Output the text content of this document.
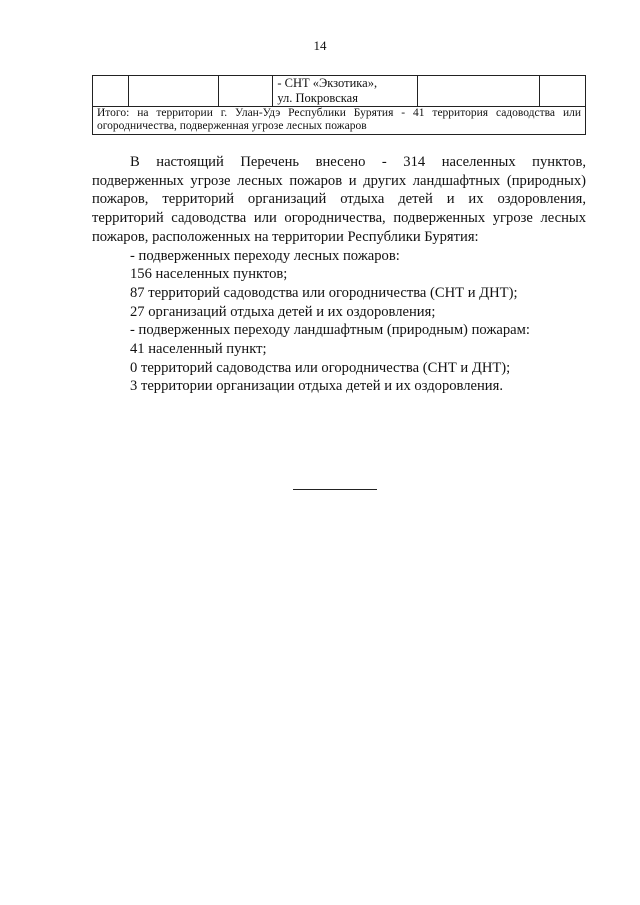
14

- СНТ «Экзотика»,
ул. Покровская

Итого: на территории г. Улан-Удэ Республики Бурятия - 41 территория садоводства или огородничества, подверженная угрозе лесных пожаров

В настоящий Перечень внесено - 314 населенных пунктов, подверженных угрозе лесных пожаров и других ландшафтных (природных) пожаров, территорий организаций отдыха детей и их оздоровления, территорий садоводства или огородничества, подверженных угрозе лесных пожаров, расположенных на территории Республики Бурятия:

- подверженных переходу лесных пожаров:

156 населенных пунктов;

87 территорий садоводства или огородничества (СНТ и ДНТ);

27 организаций отдыха детей и их оздоровления;

- подверженных переходу ландшафтным (природным) пожарам:

41 населенный пункт;

0 территорий садоводства или огородничества (СНТ и ДНТ);

3 территории организации отдыха детей и их оздоровления.
